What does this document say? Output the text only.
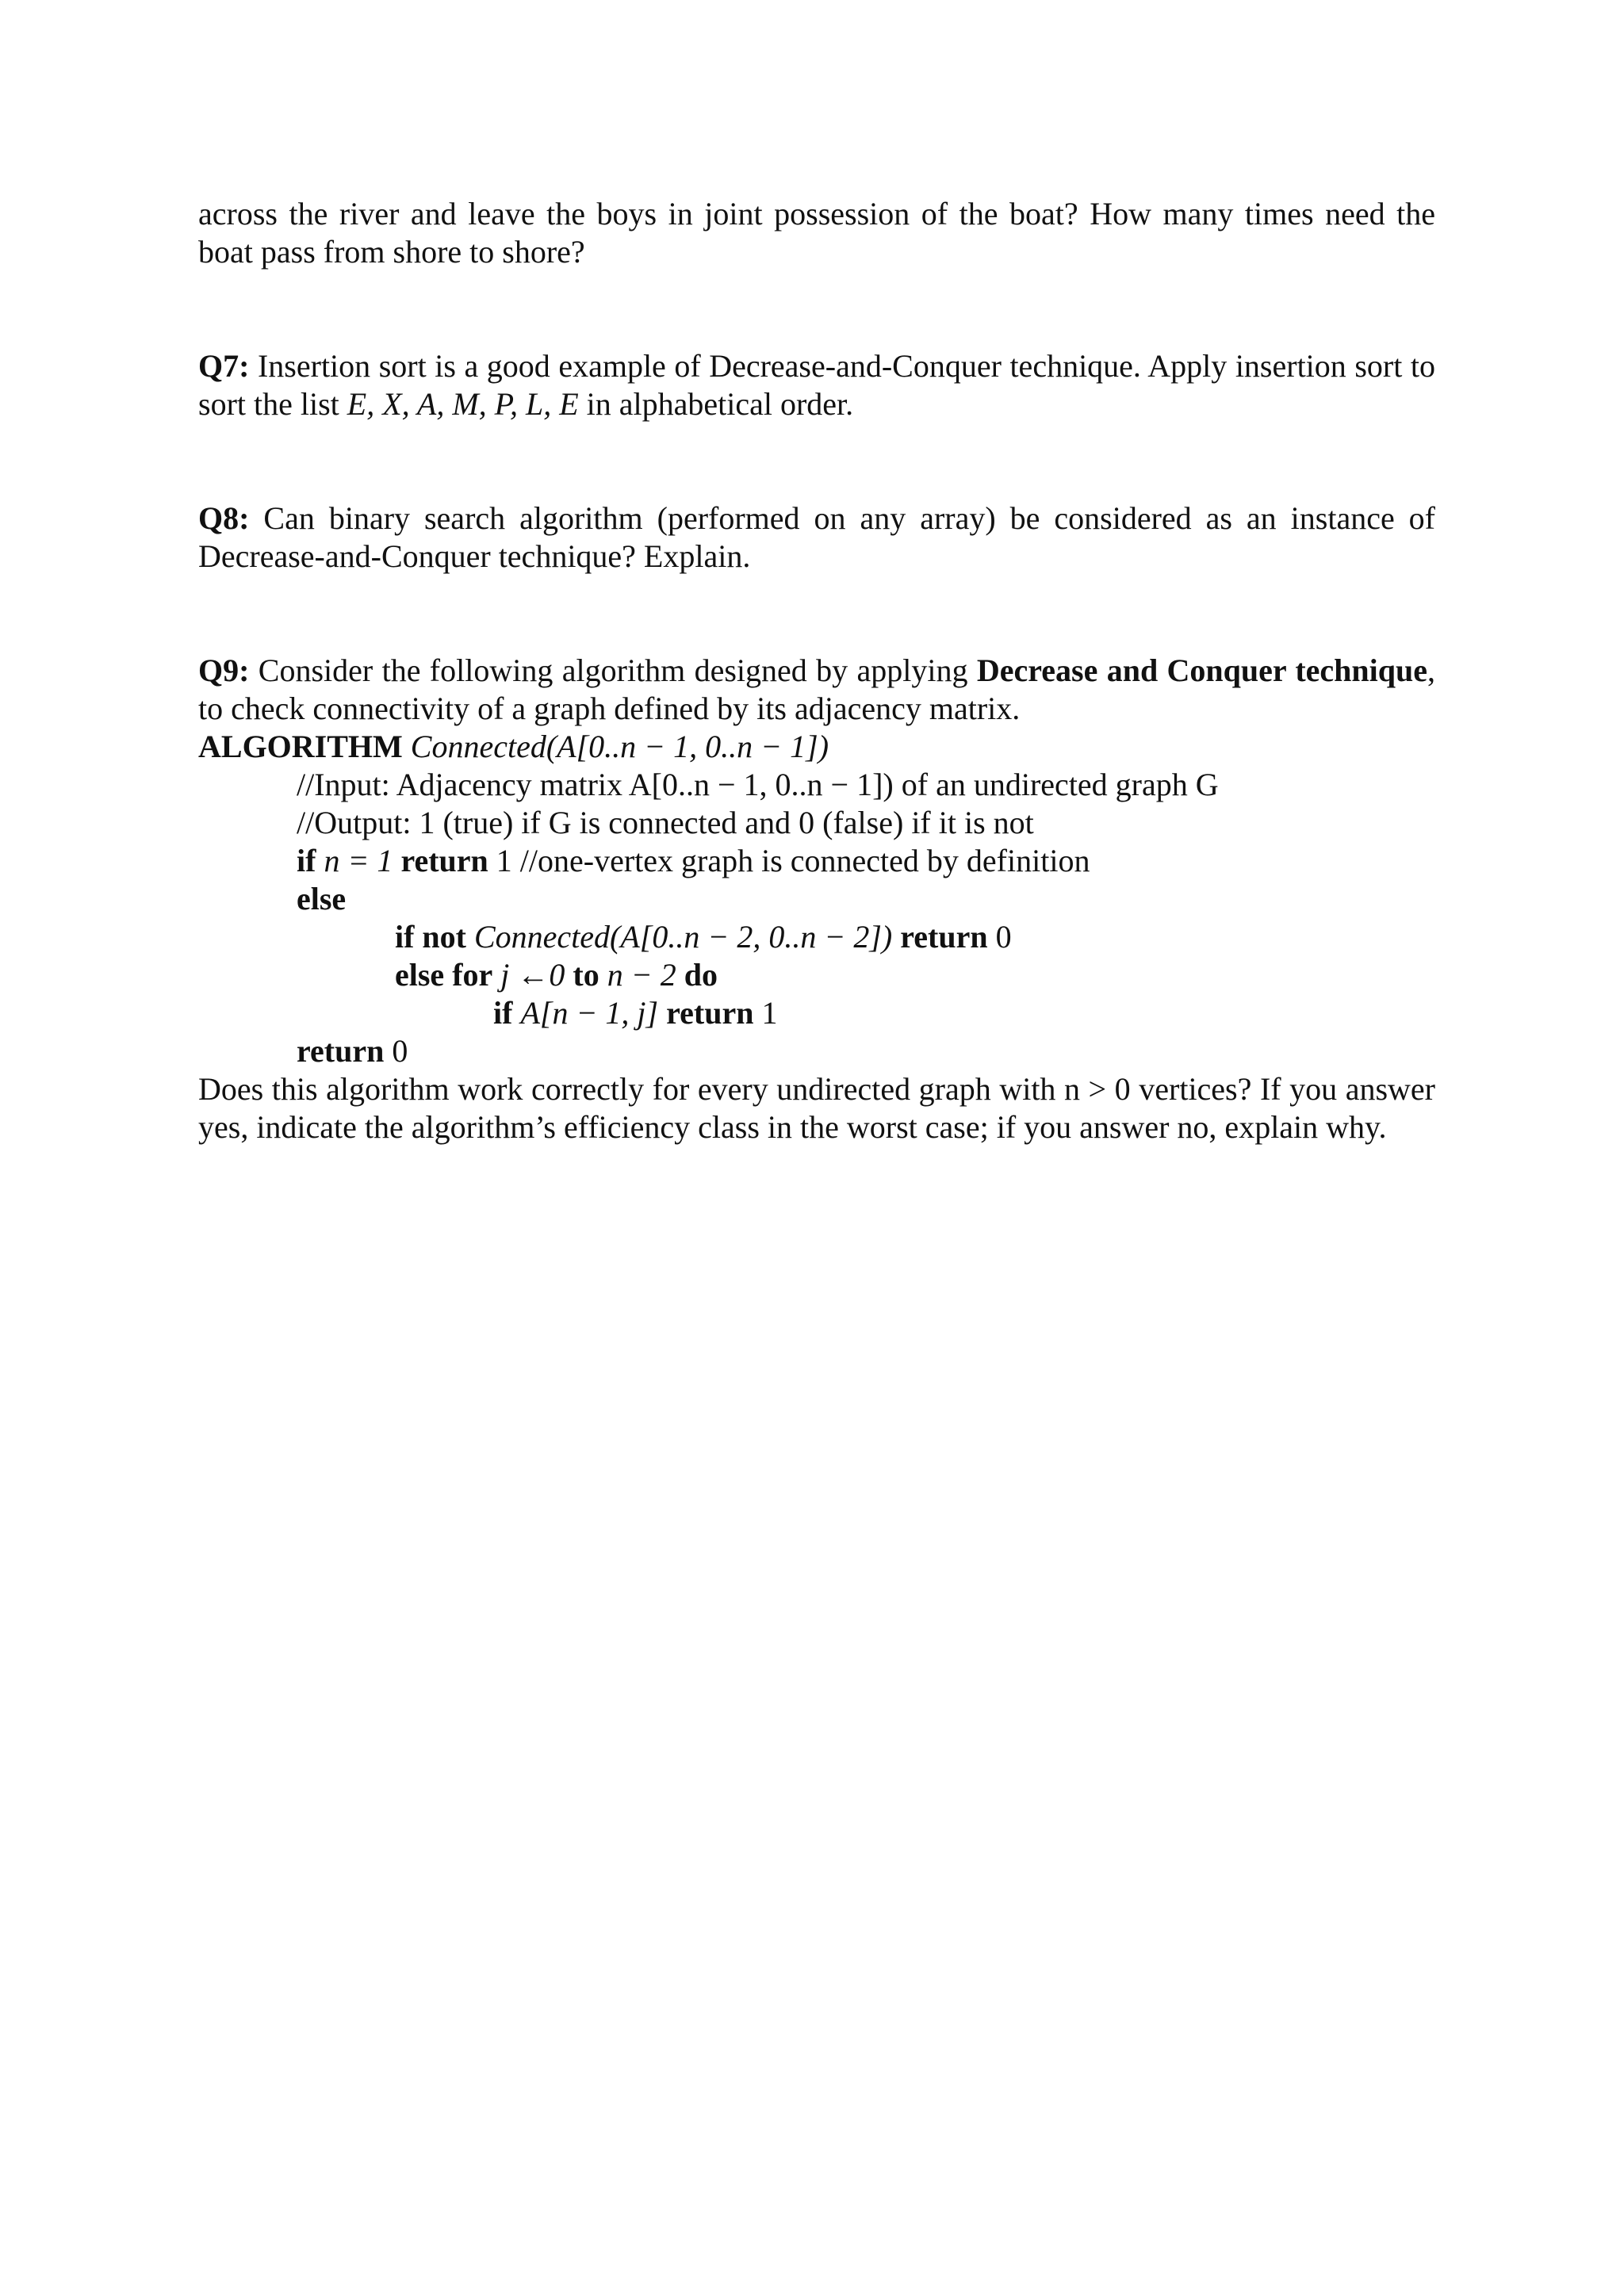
across the river and leave the boys in joint possession of the boat? How many times need the
boat pass from shore to shore?
Q7: Insertion sort is a good example of Decrease-and-Conquer technique. Apply insertion sort to sort the list E, X, A, M, P, L, E in alphabetical order.
Q8: Can binary search algorithm (performed on any array) be considered as an instance of Decrease-and-Conquer technique? Explain.
Q9: Consider the following algorithm designed by applying Decrease and Conquer technique, to check connectivity of a graph defined by its adjacency matrix.
ALGORITHM Connected(A[0..n − 1, 0..n − 1])
//Input: Adjacency matrix A[0..n − 1, 0..n − 1]) of an undirected graph G
//Output: 1 (true) if G is connected and 0 (false) if it is not
if n = 1 return 1 //one-vertex graph is connected by definition
else
if not Connected(A[0..n − 2, 0..n − 2]) return 0
else for j ←0 to n − 2 do
if A[n − 1, j] return 1
return 0
Does this algorithm work correctly for every undirected graph with n > 0 vertices? If you answer yes, indicate the algorithm’s efficiency class in the worst case; if you answer no, explain why.
